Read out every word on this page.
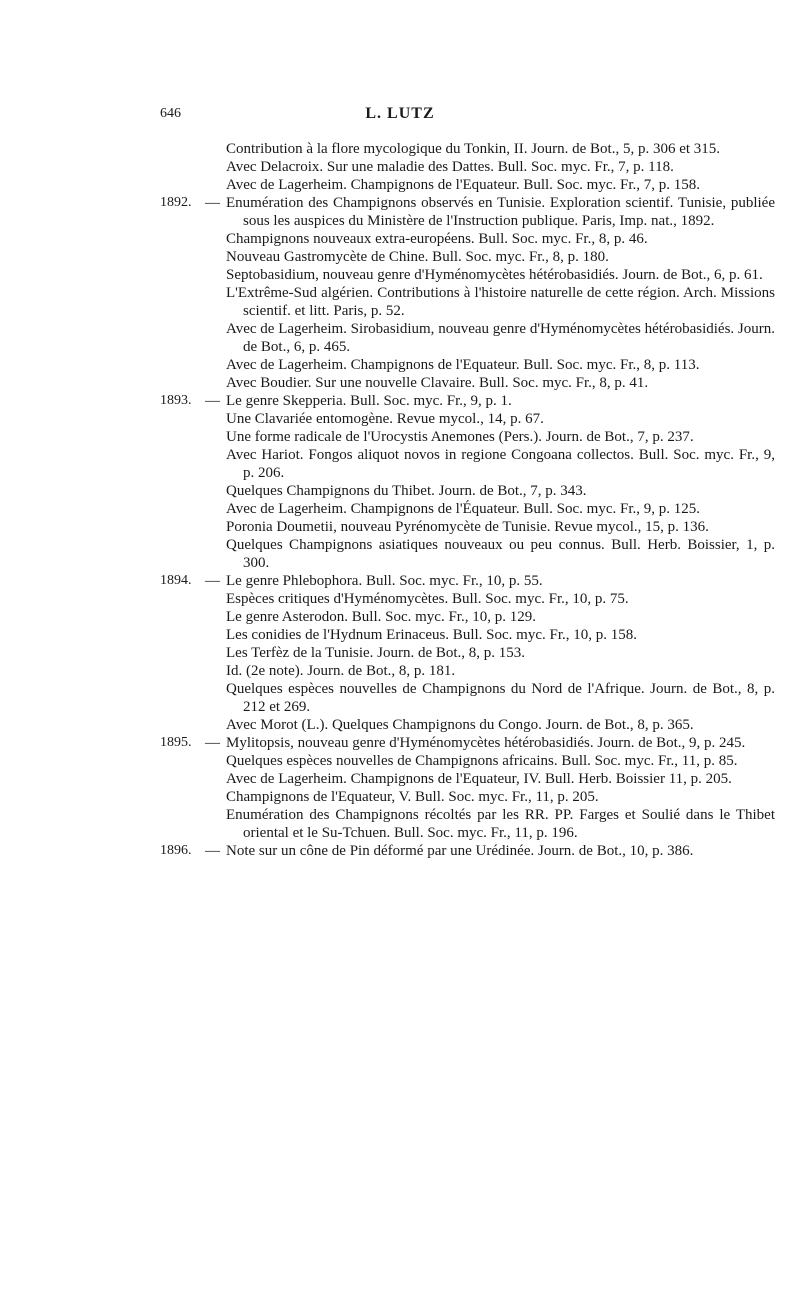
646	L. LUTZ
Contribution à la flore mycologique du Tonkin, II. Journ. de Bot., 5, p. 306 et 315.
Avec Delacroix. Sur une maladie des Dattes. Bull. Soc. myc. Fr., 7, p. 118.
Avec de Lagerheim. Champignons de l'Equateur. Bull. Soc. myc. Fr., 7, p. 158.
1892. — Enumération des Champignons observés en Tunisie. Exploration scientif. Tunisie, publiée sous les auspices du Ministère de l'Instruction publique. Paris, Imp. nat., 1892.
Champignons nouveaux extra-européens. Bull. Soc. myc. Fr., 8, p. 46.
Nouveau Gastromycète de Chine. Bull. Soc. myc. Fr., 8, p. 180.
Septobasidium, nouveau genre d'Hyménomycètes hétérobasidiés. Journ. de Bot., 6, p. 61.
L'Extrême-Sud algérien. Contributions à l'histoire naturelle de cette région. Arch. Missions scientif. et litt. Paris, p. 52.
Avec de Lagerheim. Sirobasidium, nouveau genre d'Hyménomycètes hétérobasidiés. Journ. de Bot., 6, p. 465.
Avec de Lagerheim. Champignons de l'Equateur. Bull. Soc. myc. Fr., 8, p. 113.
Avec Boudier. Sur une nouvelle Clavaire. Bull. Soc. myc. Fr., 8, p. 41.
1893. — Le genre Skepperia. Bull. Soc. myc. Fr., 9, p. 1.
Une Clavariée entomogène. Revue mycol., 14, p. 67.
Une forme radicale de l'Urocystis Anemones (Pers.). Journ. de Bot., 7, p. 237.
Avec Hariot. Fongos aliquot novos in regione Congoana collectos. Bull. Soc. myc. Fr., 9, p. 206.
Quelques Champignons du Thibet. Journ. de Bot., 7, p. 343.
Avec de Lagerheim. Champignons de l'Équateur. Bull. Soc. myc. Fr., 9, p. 125.
Poronia Doumetii, nouveau Pyrénomycète de Tunisie. Revue mycol., 15, p. 136.
Quelques Champignons asiatiques nouveaux ou peu connus. Bull. Herb. Boissier, 1, p. 300.
1894. — Le genre Phlebophora. Bull. Soc. myc. Fr., 10, p. 55.
Espèces critiques d'Hyménomycètes. Bull. Soc. myc. Fr., 10, p. 75.
Le genre Asterodon. Bull. Soc. myc. Fr., 10, p. 129.
Les conidies de l'Hydnum Erinaceus. Bull. Soc. myc. Fr., 10, p. 158.
Les Terfèz de la Tunisie. Journ. de Bot., 8, p. 153.
Id. (2e note). Journ. de Bot., 8, p. 181.
Quelques espèces nouvelles de Champignons du Nord de l'Afrique. Journ. de Bot., 8, p. 212 et 269.
Avec Morot (L.). Quelques Champignons du Congo. Journ. de Bot., 8, p. 365.
1895. — Mylitopsis, nouveau genre d'Hyménomycètes hétérobasidiés. Journ. de Bot., 9, p. 245.
Quelques espèces nouvelles de Champignons africains. Bull. Soc. myc. Fr., 11, p. 85.
Avec de Lagerheim. Champignons de l'Equateur, IV. Bull. Herb. Boissier 11, p. 205.
Champignons de l'Equateur, V. Bull. Soc. myc. Fr., 11, p. 205.
Enumération des Champignons récoltés par les RR. PP. Farges et Soulié dans le Thibet oriental et le Su-Tchuen. Bull. Soc. myc. Fr., 11, p. 196.
1896. — Note sur un cône de Pin déformé par une Urédinée. Journ. de Bot., 10, p. 386.
